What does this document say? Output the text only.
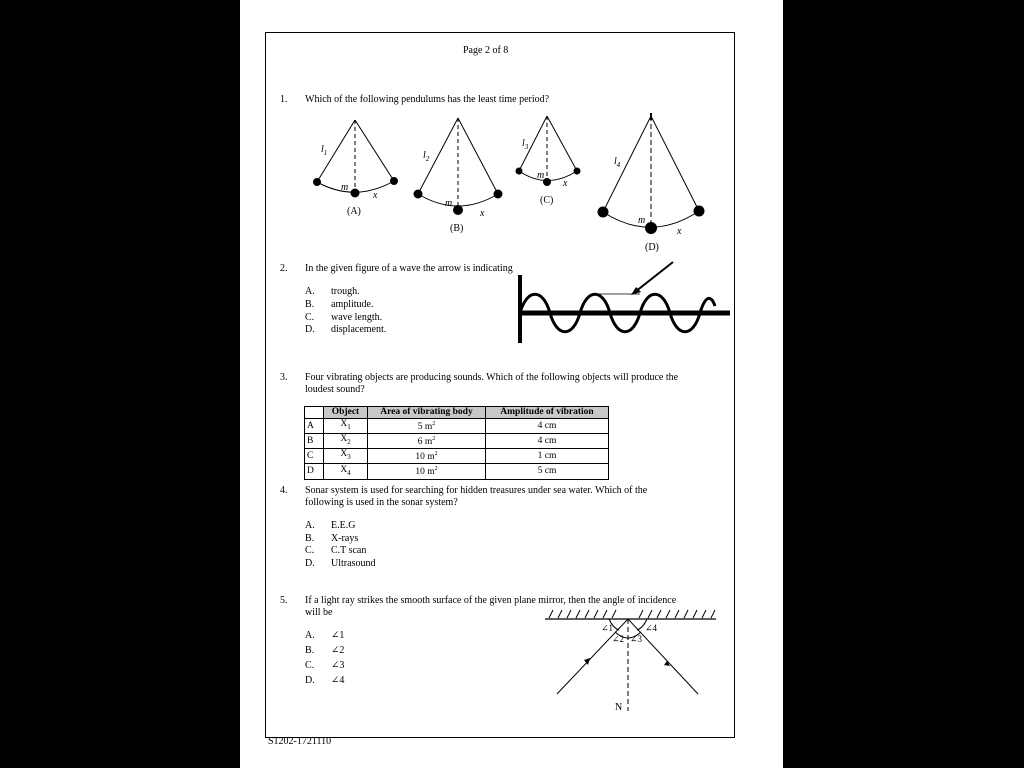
Page 2 of 8
1. Which of the following pendulums has the least time period?
$l_1$
m
x
(A)
$l_2$
m
x
(B)
$l_3$
m
x
(C)
$l_4$
m
x
(D)
2. In the given figure of a wave the arrow is indicating
A. trough.
B. amplitude.
C. wave length.
D. displacement.
3. Four vibrating objects are producing sounds. Which of the following objects will produce the
loudest sound?
	Object	Area of vibrating body	Amplitude of vibration
A	$X_1$	5 $m^2$	4 cm
B	$X_2$	6 $m^2$	4 cm
C	$X_3$	10 $m^2$	1 cm
D	$X_4$	10 $m^2$	5 cm
4. Sonar system is used for searching for hidden treasures under sea water. Which of the
following is used in the sonar system?
A. E.E.G
B. X-rays
C. C.T scan
D. Ultrasound
5. If a light ray strikes the smooth surface of the given plane mirror, then the angle of incidence
will be
A. ∠1
B. ∠2
C. ∠3
D. ∠4
∠1
∠2 ∠3
∠4
N
S1202-1721110
